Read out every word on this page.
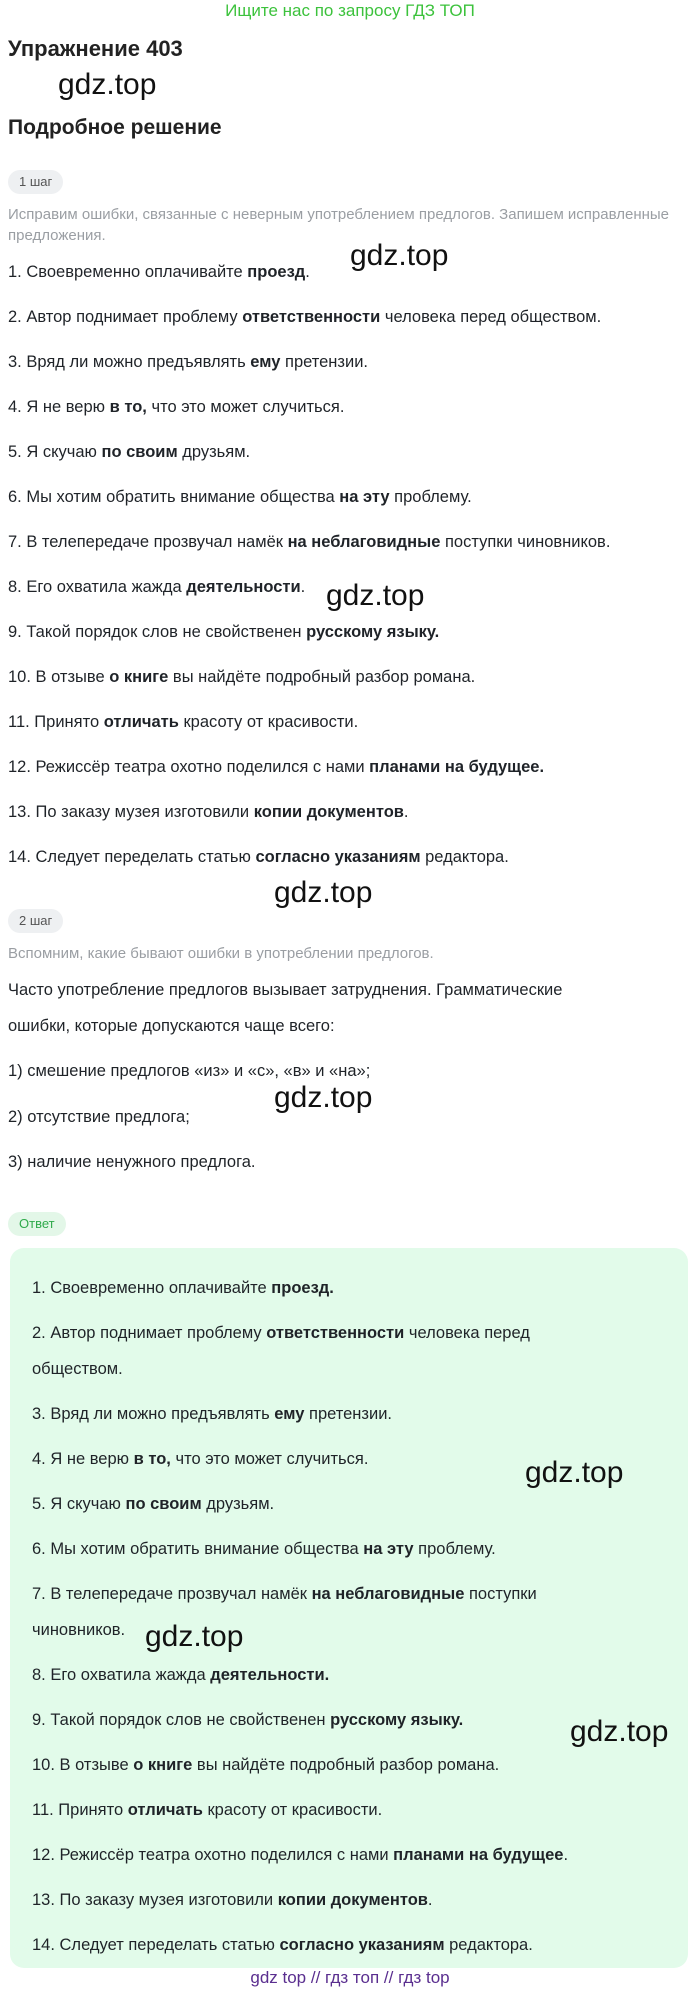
Ищите нас по запросу ГДЗ ТОП
Упражнение 403
gdz.top
Подробное решение
1 шаг
Исправим ошибки, связанные с неверным употреблением предлогов. Запишем исправленные предложения.
1. Своевременно оплачивайте проезд.
2. Автор поднимает проблему ответственности человека перед обществом.
3. Вряд ли можно предъявлять ему претензии.
4. Я не верю в то, что это может случиться.
5. Я скучаю по своим друзьям.
6. Мы хотим обратить внимание общества на эту проблему.
7. В телепередаче прозвучал намёк на неблаговидные поступки чиновников.
8. Его охватила жажда деятельности.
9. Такой порядок слов не свойственен русскому языку.
10. В отзыве о книге вы найдёте подробный разбор романа.
11. Принято отличать красоту от красивости.
12. Режиссёр театра охотно поделился с нами планами на будущее.
13. По заказу музея изготовили копии документов.
14. Следует переделать статью согласно указаниям редактора.
gdz.top
gdz.top
gdz.top
2 шаг
Вспомним, какие бывают ошибки в употреблении предлогов.
Часто употребление предлогов вызывает затруднения. Грамматические
ошибки, которые допускаются чаще всего:
1) смешение предлогов «из» и «с», «в» и «на»;
2) отсутствие предлога;
3) наличие ненужного предлога.
gdz.top
Ответ
1. Своевременно оплачивайте проезд.
2. Автор поднимает проблему ответственности человека перед
обществом.
3. Вряд ли можно предъявлять ему претензии.
4. Я не верю в то, что это может случиться.
5. Я скучаю по своим друзьям.
6. Мы хотим обратить внимание общества на эту проблему.
7. В телепередаче прозвучал намёк на неблаговидные поступки
чиновников.
8. Его охватила жажда деятельности.
9. Такой порядок слов не свойственен русскому языку.
10. В отзыве о книге вы найдёте подробный разбор романа.
11. Принято отличать красоту от красивости.
12. Режиссёр театра охотно поделился с нами планами на будущее.
13. По заказу музея изготовили копии документов.
14. Следует переделать статью согласно указаниям редактора.
gdz.top
gdz.top
gdz.top
gdz top // гдз топ // гдз top
